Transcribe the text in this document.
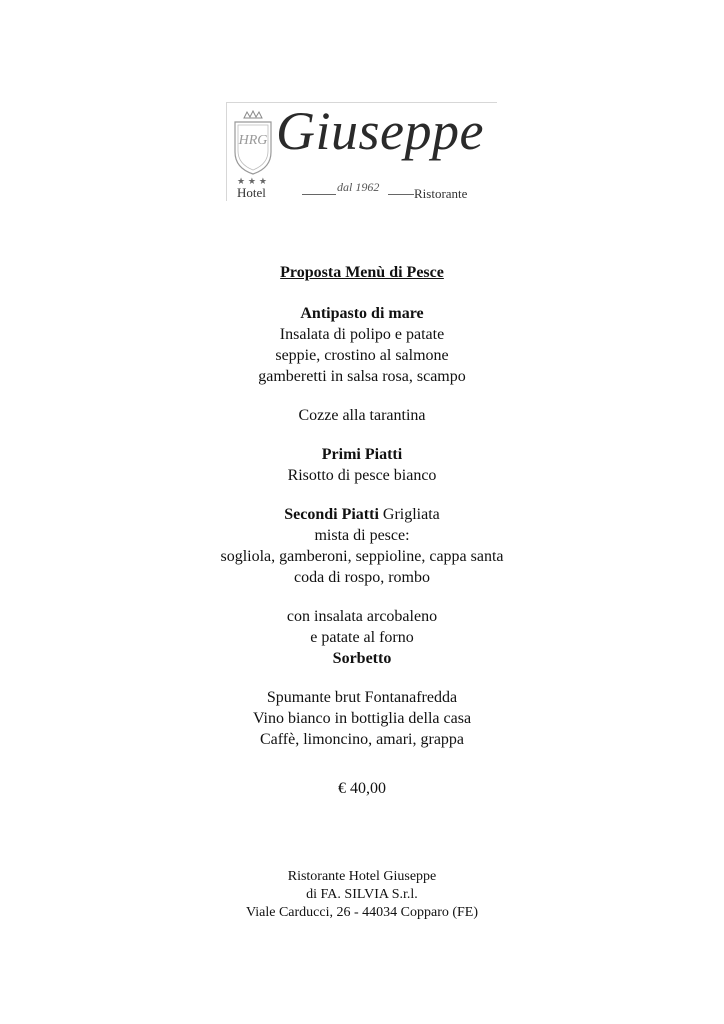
HRG
★ ★ ★
Giuseppe
Hotel	dal 1962	Ristorante
Proposta Menù di Pesce
Antipasto di mare
Insalata di polipo e patate
seppie, crostino al salmone
gamberetti in salsa rosa, scampo
Cozze alla tarantina
Primi Piatti
Risotto di pesce bianco
Secondi Piatti Grigliata
mista di pesce:
sogliola, gamberoni, seppioline, cappa santa
coda di rospo, rombo
con insalata arcobaleno
e patate al forno
Sorbetto
Spumante brut Fontanafredda
Vino bianco in bottiglia della casa
Caffè, limoncino, amari, grappa
€ 40,00
Ristorante Hotel Giuseppe
di FA. SILVIA S.r.l.
Viale Carducci, 26 - 44034 Copparo (FE)
